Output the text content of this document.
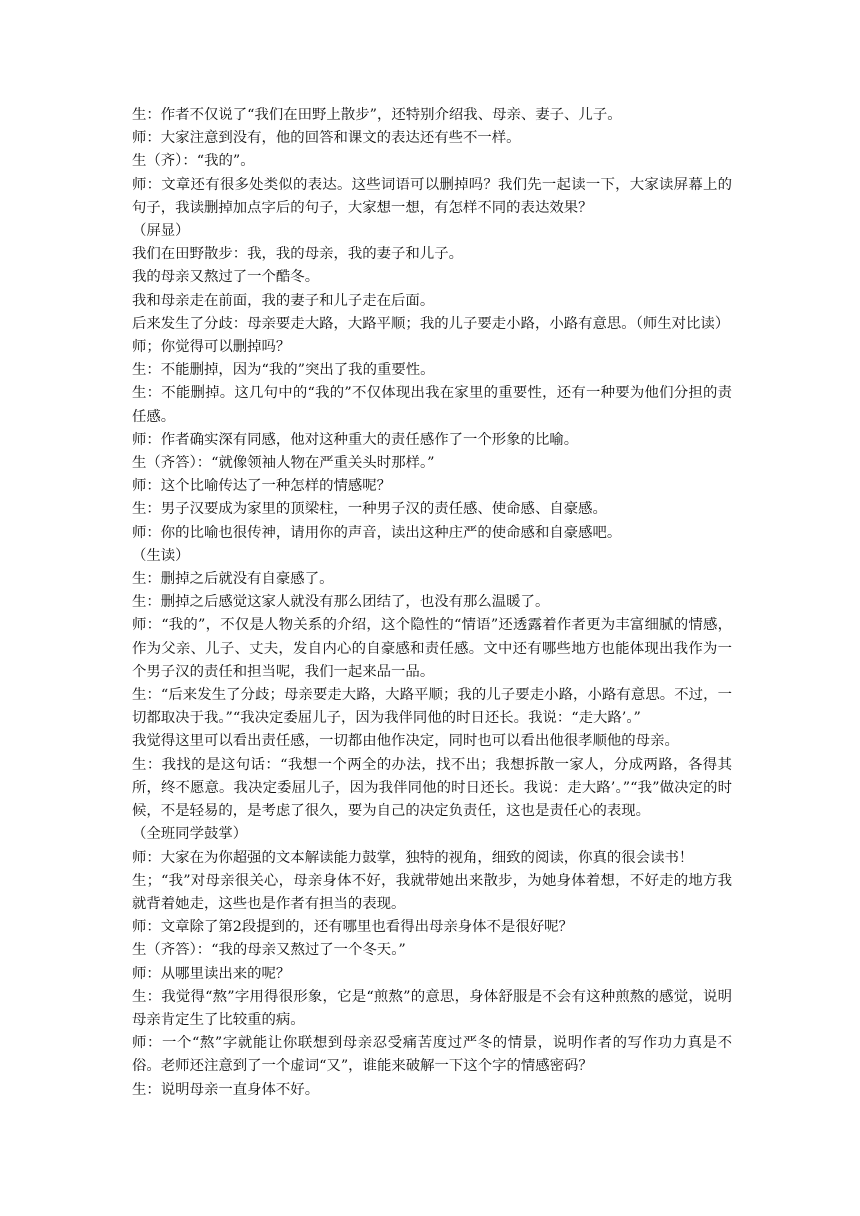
生：作者不仅说了“我们在田野上散步”，还特别介绍我、母亲、妻子、儿子。

师：大家注意到没有，他的回答和课文的表达还有些不一样。

生（齐）：“我的”。

师：文章还有很多处类似的表达。这些词语可以删掉吗？我们先一起读一下，大家读屏幕上的句子，我读删掉加点字后的句子，大家想一想，有怎样不同的表达效果？

（屏显）

我们在田野散步：我，我的母亲，我的妻子和儿子。

我的母亲又熬过了一个酷冬。

我和母亲走在前面，我的妻子和儿子走在后面。

后来发生了分歧：母亲要走大路，大路平顺；我的儿子要走小路，小路有意思。（师生对比读）

师；你觉得可以删掉吗？

生：不能删掉，因为“我的”突出了我的重要性。

生：不能删掉。这几句中的“我的”不仅体现出我在家里的重要性，还有一种要为他们分担的责任感。

师：作者确实深有同感，他对这种重大的责任感作了一个形象的比喻。

生（齐答）：“就像领袖人物在严重关头时那样。”

师：这个比喻传达了一种怎样的情感呢？

生：男子汉要成为家里的顶梁柱，一种男子汉的责任感、使命感、自豪感。

师：你的比喻也很传神，请用你的声音，读出这种庄严的使命感和自豪感吧。

（生读）

生：删掉之后就没有自豪感了。

生：删掉之后感觉这家人就没有那么团结了，也没有那么温暖了。

师：“我的”，不仅是人物关系的介绍，这个隐性的“情语”还透露着作者更为丰富细腻的情感，作为父亲、儿子、丈夫，发自内心的自豪感和责任感。文中还有哪些地方也能体现出我作为一个男子汉的责任和担当呢，我们一起来品一品。

生：“后来发生了分歧；母亲要走大路，大路平顺；我的儿子要走小路，小路有意思。不过，一切都取决于我。”“我决定委屈儿子，因为我伴同他的时日还长。我说：“走大路’。”

我觉得这里可以看出责任感，一切都由他作决定，同时也可以看出他很孝顺他的母亲。

生：我找的是这句话：“我想一个两全的办法，找不出；我想拆散一家人，分成两路，各得其所，终不愿意。我决定委屈儿子，因为我伴同他的时日还长。我说：走大路’。”“我”做决定的时候，不是轻易的，是考虑了很久，要为自己的决定负责任，这也是责任心的表现。

（全班同学鼓掌）

师：大家在为你超强的文本解读能力鼓掌，独特的视角，细致的阅读，你真的很会读书！

生；“我”对母亲很关心，母亲身体不好，我就带她出来散步，为她身体着想，不好走的地方我就背着她走，这些也是作者有担当的表现。

师：文章除了第2段提到的，还有哪里也看得出母亲身体不是很好呢？

生（齐答）：“我的母亲又熬过了一个冬天。”

师：从哪里读出来的呢？

生：我觉得“熬”字用得很形象，它是“煎熬”的意思，身体舒服是不会有这种煎熬的感觉，说明母亲肯定生了比较重的病。

师：一个“熬”字就能让你联想到母亲忍受痛苦度过严冬的情景，说明作者的写作功力真是不俗。老师还注意到了一个虚词“又”，谁能来破解一下这个字的情感密码？

生：说明母亲一直身体不好。
